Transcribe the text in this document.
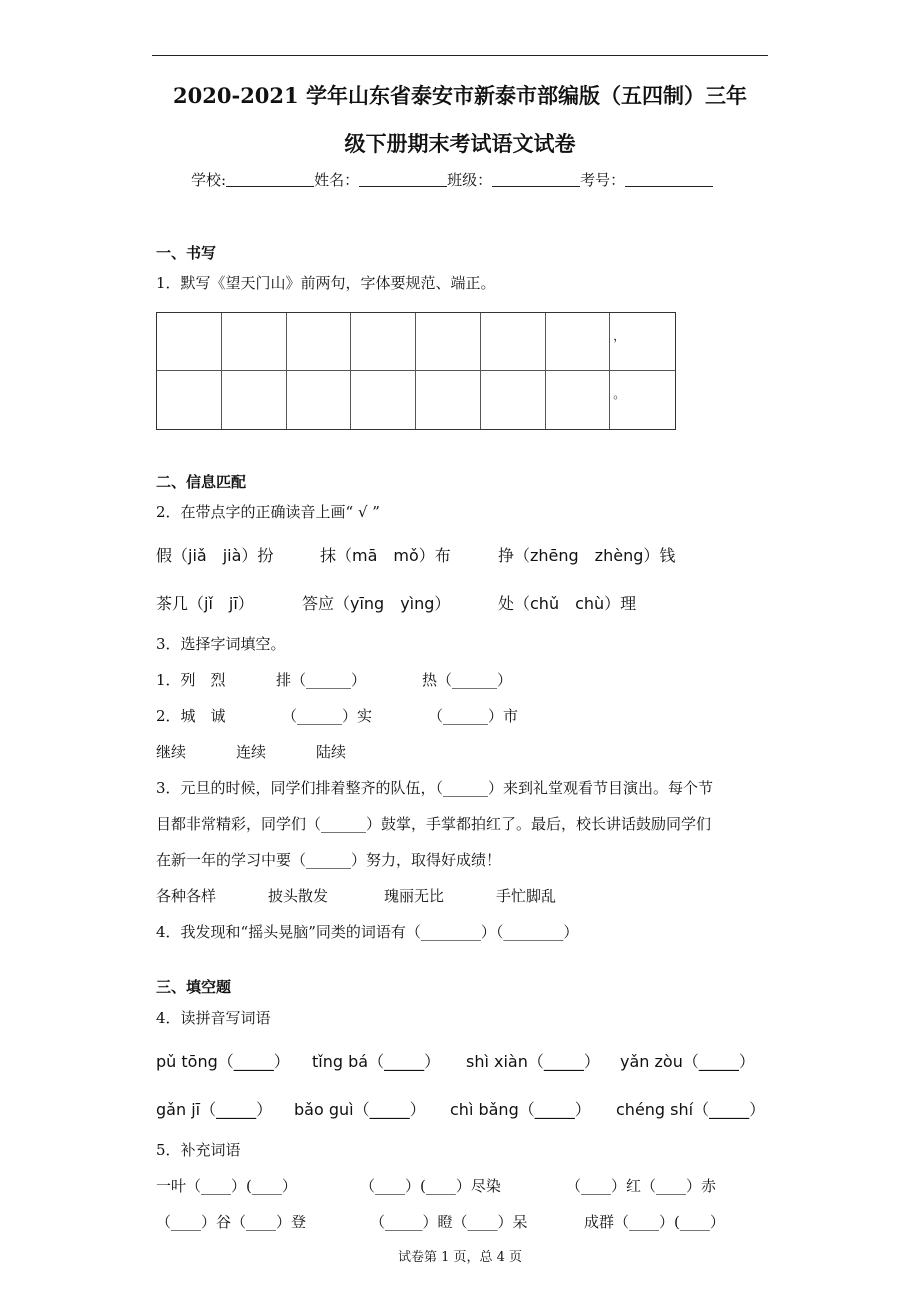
2020-2021 学年山东省泰安市新泰市部编版（五四制）三年
级下册期末考试语文试卷
学校:	姓名：	班级：	考号：
一、书写
1．默写《望天门山》前两句，字体要规范、端正。
，
。
二、信息匹配
2．在带点字的正确读音上画“ √ ”
假（jiǎ　jià）扮	抹（mā　mǒ）布	挣（zhēng　zhèng）钱
茶几（jǐ　jī）	答应（yīng　yìng）	处（chǔ　chù）理
3．选择字词填空。
1．列　烈	排（______）	热（______）
2．城　诚	（______）实	（______）市
继续	连续	陆续
3．元旦的时候，同学们排着整齐的队伍，（______）来到礼堂观看节目演出。每个节
目都非常精彩，同学们（______）鼓掌，手掌都拍红了。最后，校长讲话鼓励同学们
在新一年的学习中要（______）努力，取得好成绩！
各种各样	披头散发	瑰丽无比	手忙脚乱
4．我发现和“摇头晃脑”同类的词语有（________）（________）
三、填空题
4．读拼音写词语
pǔ tōng（_____） tǐng bá（_____） shì xiàn（_____） yǎn zòu（_____）
gǎn jī（_____） bǎo guì（_____） chì bǎng（_____） chéng shí（_____）
5．补充词语
一叶（____）(____）	（____）(____）尽染	（____）红（____）赤
（____）谷（____）登	（_____）瞪（____）呆	成群（____）(____）
试卷第 1 页，总 4 页
